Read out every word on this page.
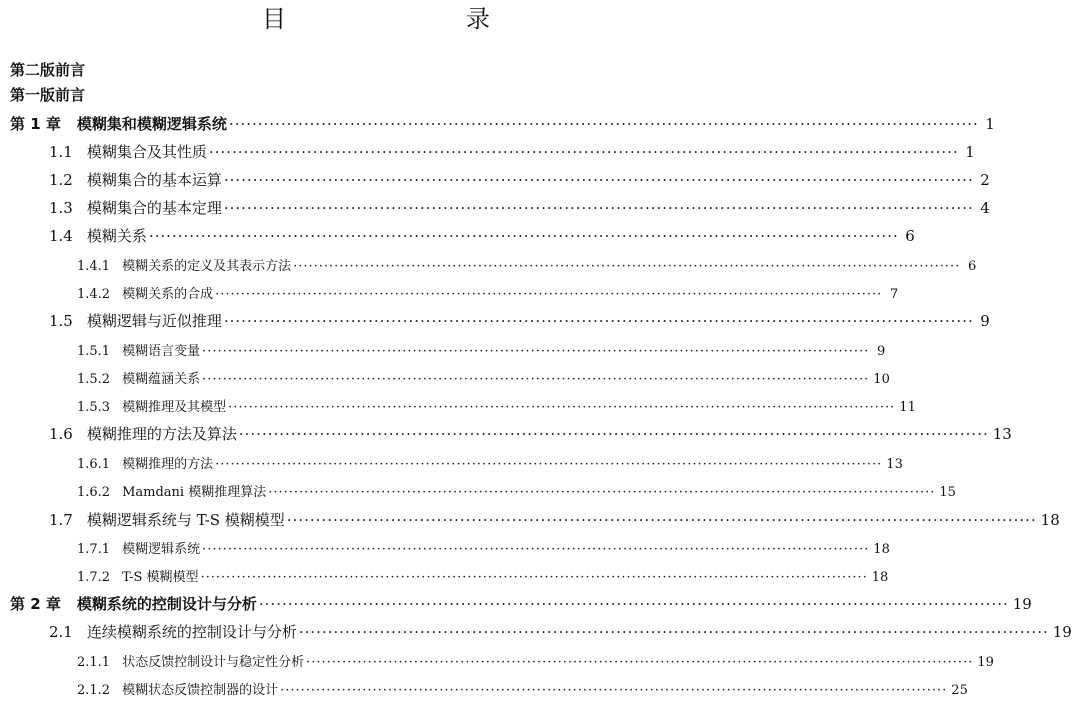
目　　录
第二版前言
第一版前言
第 1 章 模糊集和模糊逻辑系统 ·································································································································· 1
1.1 模糊集合及其性质 ·································································································································· 1
1.2 模糊集合的基本运算 ·································································································································· 2
1.3 模糊集合的基本定理 ·································································································································· 4
1.4 模糊关系 ·································································································································· 6
1.4.1 模糊关系的定义及其表示方法 ·································································································································· 6
1.4.2 模糊关系的合成 ·································································································································· 7
1.5 模糊逻辑与近似推理 ·································································································································· 9
1.5.1 模糊语言变量 ·································································································································· 9
1.5.2 模糊蕴涵关系 ·································································································································· 10
1.5.3 模糊推理及其模型 ·································································································································· 11
1.6 模糊推理的方法及算法 ·································································································································· 13
1.6.1 模糊推理的方法 ·································································································································· 13
1.6.2 Mamdani 模糊推理算法 ·································································································································· 15
1.7 模糊逻辑系统与 T-S 模糊模型 ·································································································································· 18
1.7.1 模糊逻辑系统 ·································································································································· 18
1.7.2 T-S 模糊模型 ·································································································································· 18
第 2 章 模糊系统的控制设计与分析 ·································································································································· 19
2.1 连续模糊系统的控制设计与分析 ·································································································································· 19
2.1.1 状态反馈控制设计与稳定性分析 ·································································································································· 19
2.1.2 模糊状态反馈控制器的设计 ·································································································································· 25
